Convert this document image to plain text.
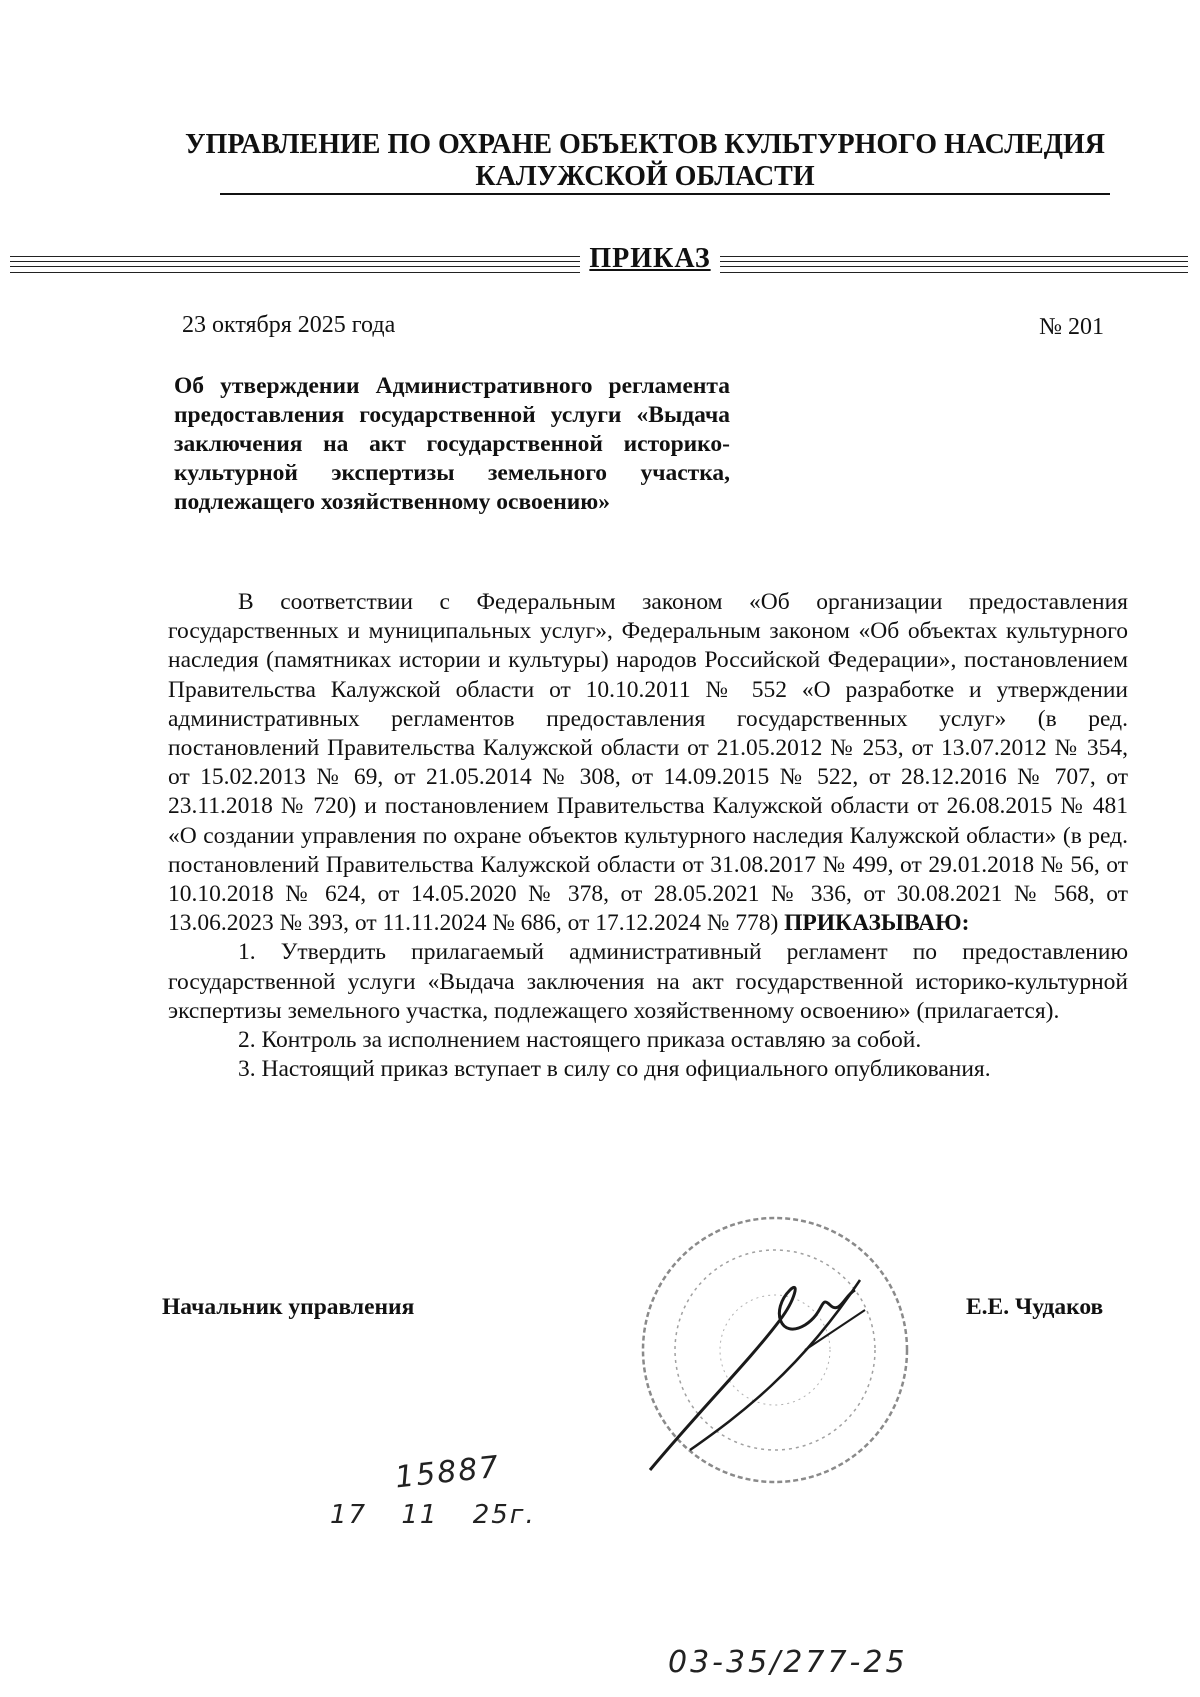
УПРАВЛЕНИЕ ПО ОХРАНЕ ОБЪЕКТОВ КУЛЬТУРНОГО НАСЛЕДИЯ
КАЛУЖСКОЙ ОБЛАСТИ
ПРИКАЗ
23 октября 2025 года	№ 201
Об утверждении Административного регламента предоставления государственной услуги «Выдача заключения на акт государственной историко-культурной экспертизы земельного участка, подлежащего хозяйственному освоению»

В соответствии с Федеральным законом «Об организации предоставления государственных и муниципальных услуг», Федеральным законом «Об объектах культурного наследия (памятниках истории и культуры) народов Российской Федерации», постановлением Правительства Калужской области от 10.10.2011 № 552 «О разработке и утверждении административных регламентов предоставления государственных услуг» (в ред. постановлений Правительства Калужской области от 21.05.2012 № 253, от 13.07.2012 № 354, от 15.02.2013 № 69, от 21.05.2014 № 308, от 14.09.2015 № 522, от 28.12.2016 № 707, от 23.11.2018 № 720) и постановлением Правительства Калужской области от 26.08.2015 № 481 «О создании управления по охране объектов культурного наследия Калужской области» (в ред. постановлений Правительства Калужской области от 31.08.2017 № 499, от 29.01.2018 № 56, от 10.10.2018 № 624, от 14.05.2020 № 378, от 28.05.2021 № 336, от 30.08.2021 № 568, от 13.06.2023 № 393, от 11.11.2024 № 686, от 17.12.2024 № 778) ПРИКАЗЫВАЮ:

1. Утвердить прилагаемый административный регламент по предоставлению государственной услуги «Выдача заключения на акт государственной историко-культурной экспертизы земельного участка, подлежащего хозяйственному освоению» (прилагается).

2. Контроль за исполнением настоящего приказа оставляю за собой.

3. Настоящий приказ вступает в силу со дня официального опубликования.

Начальник управления	Е.Е. Чудаков
15887
17 11 25г.
03-35/277-25
